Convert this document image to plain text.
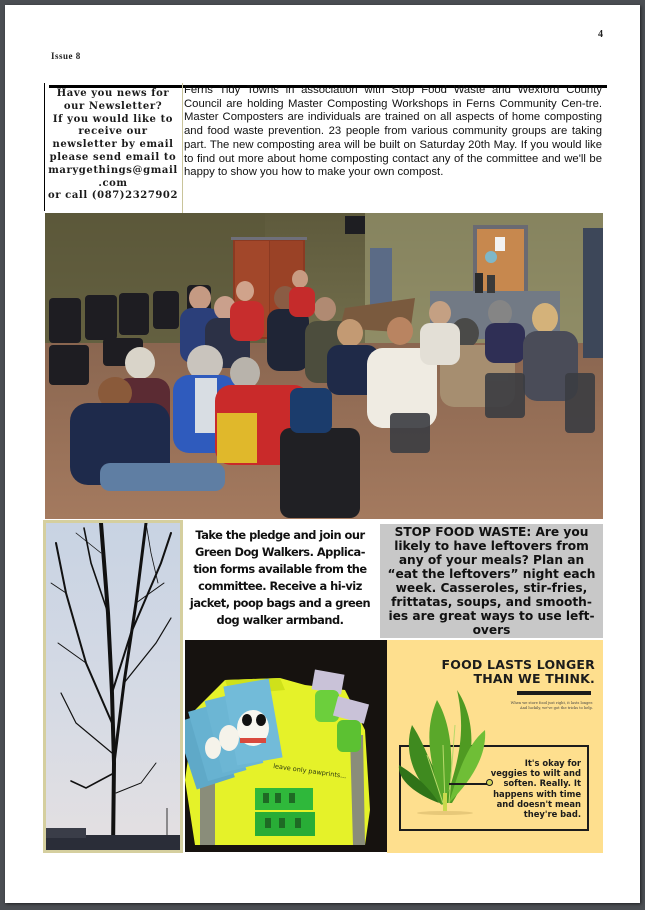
4
Issue 8
Have you news for
our Newsletter?
If you would like to
receive our
newsletter by email
please send email to
marygethings@gmail
.com
or call (087)2327902
Ferns Tidy Towns in association with Stop Food Waste and Wexford County Council are holding Master Composting Workshops in Ferns Community Cen-tre. Master Composters are individuals are trained on all aspects of home composting and food waste prevention. 23 people from various community groups are taking part. The new composting area will be built on Saturday 20th May. If you would like to find out more about home composting contact any of the committee and we'll be happy to show you how to make your own compost.
Take the pledge and join our
Green Dog Walkers. Applica-
tion forms available from the
committee. Receive a hi-viz
jacket, poop bags and a green
dog walker armband.
STOP FOOD WASTE: Are you
likely to have leftovers from
any of your meals? Plan an
“eat the leftovers” night each
week. Casseroles, stir-fries,
frittatas, soups, and smooth-
ies are great ways to use left-
overs
leave only pawprints...
FOOD LASTS LONGER
THAN WE THINK.
When we store food just right, it lasts longer. And luckily, we've got the tricks to help.
It's okay for
veggies to wilt and
soften. Really. It
happens with time
and doesn't mean
they're bad.
